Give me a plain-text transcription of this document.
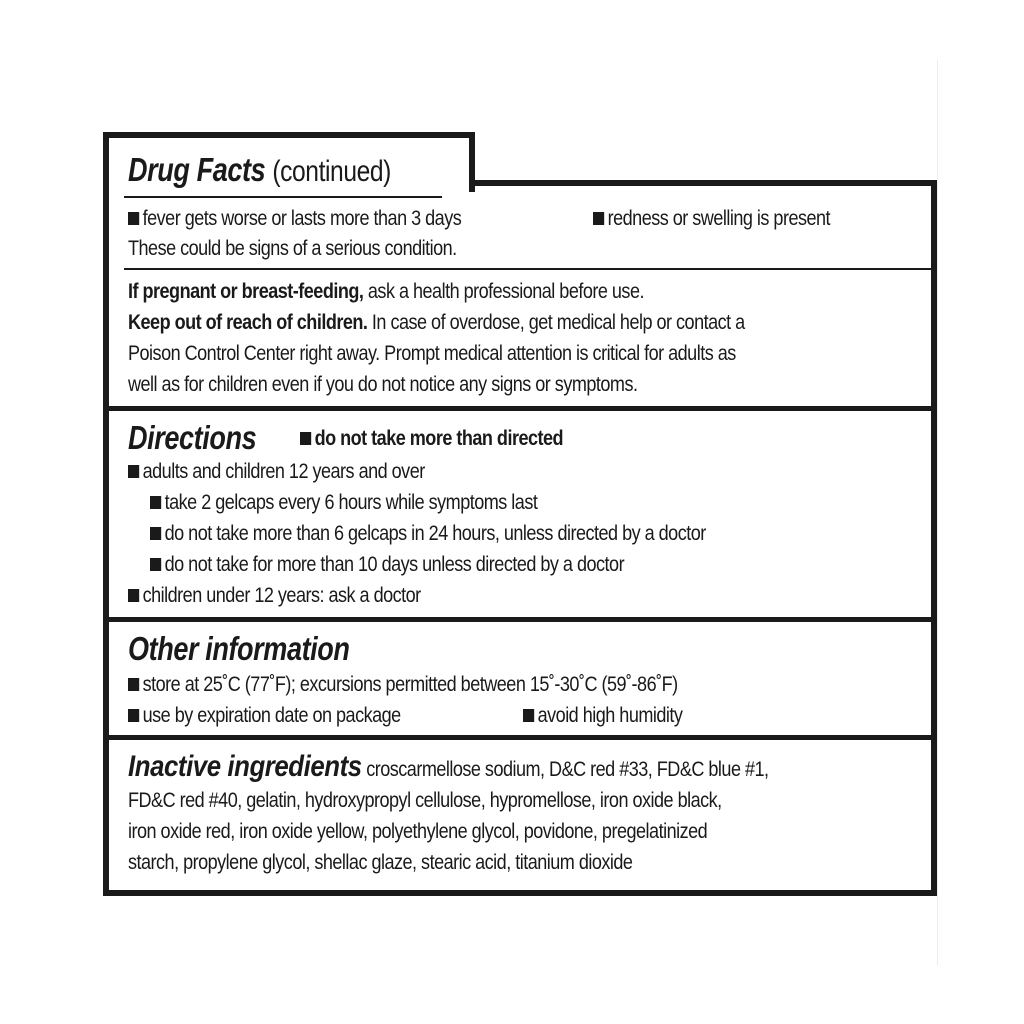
Drug Facts (continued)
fever gets worse or lasts more than 3 days	redness or swelling is present
These could be signs of a serious condition.
If pregnant or breast-feeding, ask a health professional before use.
Keep out of reach of children. In case of overdose, get medical help or contact a
Poison Control Center right away. Prompt medical attention is critical for adults as
well as for children even if you do not notice any signs or symptoms.
Directions	do not take more than directed
adults and children 12 years and over
take 2 gelcaps every 6 hours while symptoms last
do not take more than 6 gelcaps in 24 hours, unless directed by a doctor
do not take for more than 10 days unless directed by a doctor
children under 12 years: ask a doctor
Other information
store at 25˚C (77˚F); excursions permitted between 15˚-30˚C (59˚-86˚F)
use by expiration date on package	avoid high humidity
Inactive ingredients croscarmellose sodium, D&C red #33, FD&C blue #1,
FD&C red #40, gelatin, hydroxypropyl cellulose, hypromellose, iron oxide black,
iron oxide red, iron oxide yellow, polyethylene glycol, povidone, pregelatinized
starch, propylene glycol, shellac glaze, stearic acid, titanium dioxide
